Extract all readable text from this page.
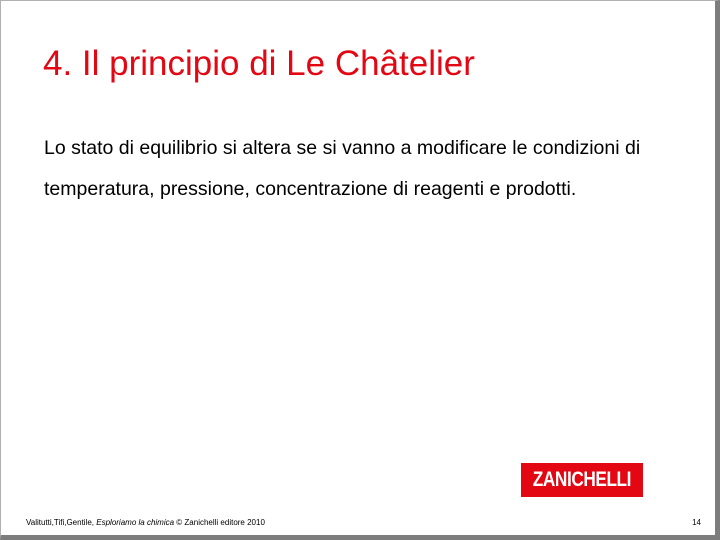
4. Il principio di Le Châtelier

Lo stato di equilibrio si altera se si vanno a modificare le condizioni di temperatura, pressione, concentrazione di reagenti e prodotti.

ZANICHELLI
Valitutti,Tifi,Gentile, Esploriamo la chimica © Zanichelli editore 2010	14
